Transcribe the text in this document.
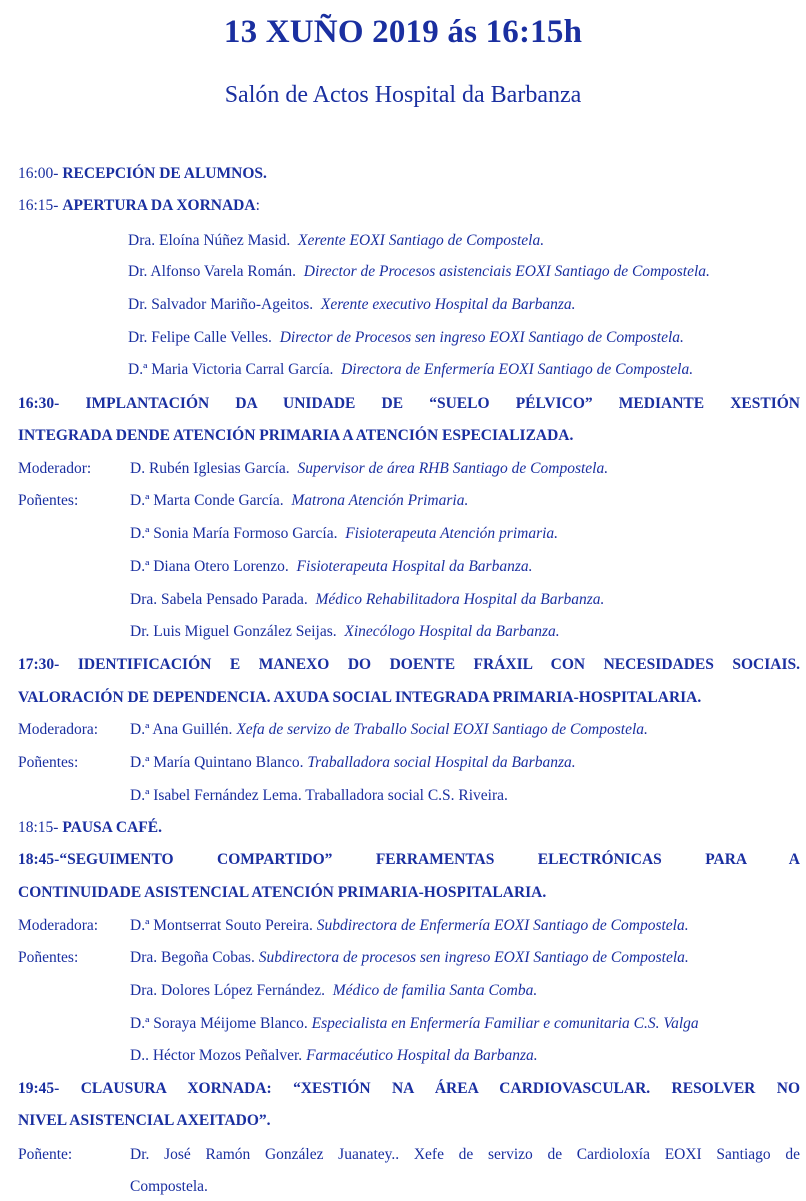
13 XUÑO 2019 ás 16:15h
Salón de Actos Hospital da Barbanza
16:00- RECEPCIÓN DE ALUMNOS.
16:15- APERTURA DA XORNADA:
Dra. Eloína Núñez Masid. Xerente EOXI Santiago de Compostela.
Dr. Alfonso Varela Román. Director de Procesos asistenciais EOXI Santiago de Compostela.
Dr. Salvador Mariño-Ageitos. Xerente executivo Hospital da Barbanza.
Dr. Felipe Calle Velles. Director de Procesos sen ingreso EOXI Santiago de Compostela.
D.ª Maria Victoria Carral García. Directora de Enfermería EOXI Santiago de Compostela.
16:30- IMPLANTACIÓN DA UNIDADE DE “SUELO PÉLVICO” MEDIANTE XESTIÓN
INTEGRADA DENDE ATENCIÓN PRIMARIA A ATENCIÓN ESPECIALIZADA.
Moderador:	D. Rubén Iglesias García. Supervisor de área RHB Santiago de Compostela.
Poñentes:	D.ª Marta Conde García. Matrona Atención Primaria.
D.ª Sonia María Formoso García. Fisioterapeuta Atención primaria.
D.ª Diana Otero Lorenzo. Fisioterapeuta Hospital da Barbanza.
Dra. Sabela Pensado Parada. Médico Rehabilitadora Hospital da Barbanza.
Dr. Luis Miguel González Seijas. Xinecólogo Hospital da Barbanza.
17:30- IDENTIFICACIÓN E MANEXO DO DOENTE FRÁXIL CON NECESIDADES SOCIAIS.
VALORACIÓN DE DEPENDENCIA. AXUDA SOCIAL INTEGRADA PRIMARIA-HOSPITALARIA.
Moderadora: D.ª Ana Guillén. Xefa de servizo de Traballo Social EOXI Santiago de Compostela.
Poñentes:	D.ª María Quintano Blanco. Traballadora social Hospital da Barbanza.
D.ª Isabel Fernández Lema. Traballadora social C.S. Riveira.
18:15- PAUSA CAFÉ.
18:45-“SEGUIMENTO COMPARTIDO” FERRAMENTAS ELECTRÓNICAS PARA A
CONTINUIDADE ASISTENCIAL ATENCIÓN PRIMARIA-HOSPITALARIA.
Moderadora: D.ª Montserrat Souto Pereira. Subdirectora de Enfermería EOXI Santiago de Compostela.
Poñentes:	Dra. Begoña Cobas. Subdirectora de procesos sen ingreso EOXI Santiago de Compostela.
Dra. Dolores López Fernández. Médico de familia Santa Comba.
D.ª Soraya Méijome Blanco. Especialista en Enfermería Familiar e comunitaria C.S. Valga
D.. Héctor Mozos Peñalver. Farmacéutico Hospital da Barbanza.
19:45- CLAUSURA XORNADA: “XESTIÓN NA ÁREA CARDIOVASCULAR. RESOLVER NO
NIVEL ASISTENCIAL AXEITADO”.
Poñente:	Dr. José Ramón González Juanatey.. Xefe de servizo de Cardioloxía EOXI Santiago de
Compostela.
